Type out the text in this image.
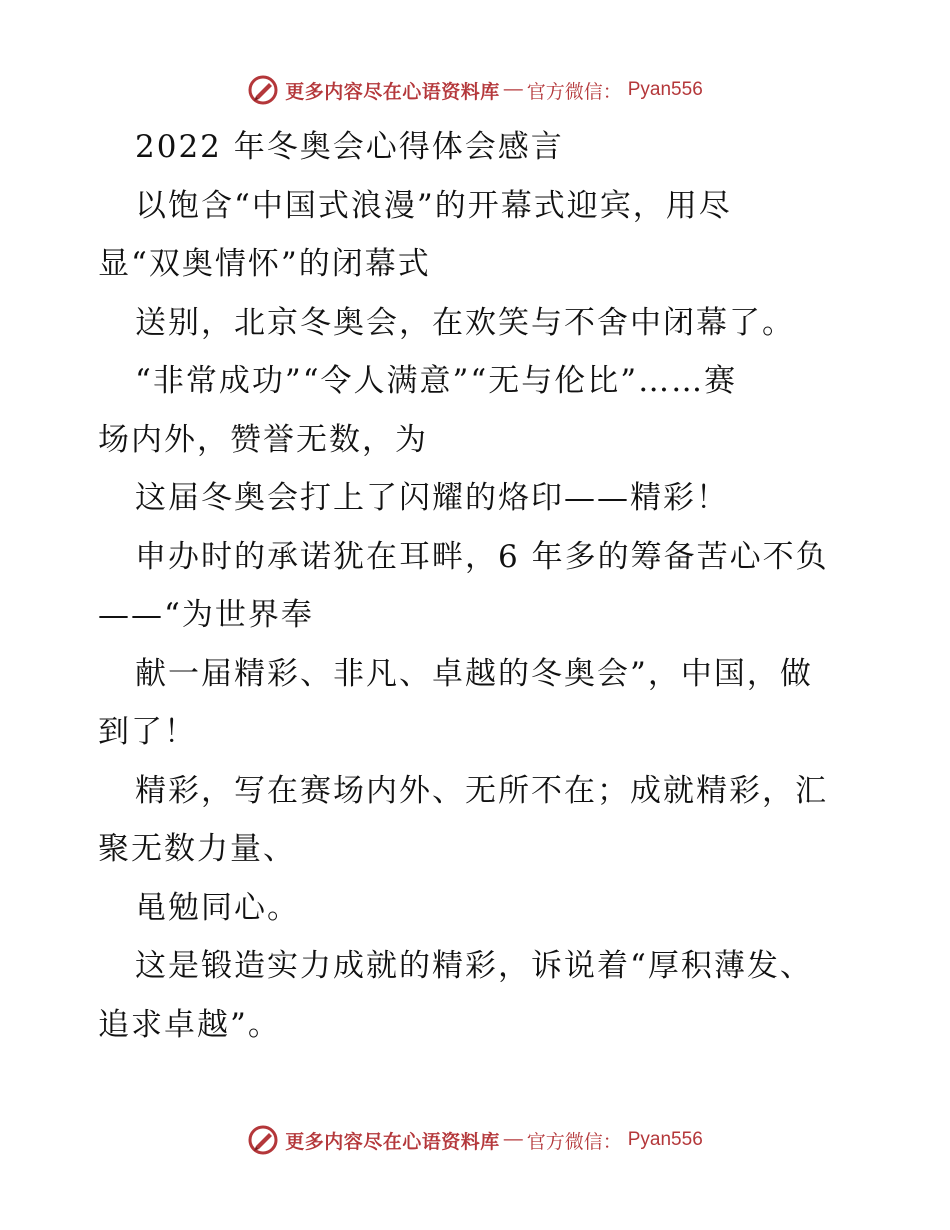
更多内容尽在心语资料库 — 官方微信： Pyan556
2022 年冬奥会心得体会感言
以饱含“中国式浪漫”的开幕式迎宾，用尽
显“双奥情怀”的闭幕式
送别，北京冬奥会，在欢笑与不舍中闭幕了。
“非常成功”“令人满意”“无与伦比”……赛
场内外，赞誉无数，为
这届冬奥会打上了闪耀的烙印——精彩！
申办时的承诺犹在耳畔，6 年多的筹备苦心不负
——“为世界奉
献一届精彩、非凡、卓越的冬奥会”，中国，做
到了！
精彩，写在赛场内外、无所不在；成就精彩，汇
聚无数力量、
黾勉同心。
这是锻造实力成就的精彩，诉说着“厚积薄发、
追求卓越”。
更多内容尽在心语资料库 — 官方微信： Pyan556
